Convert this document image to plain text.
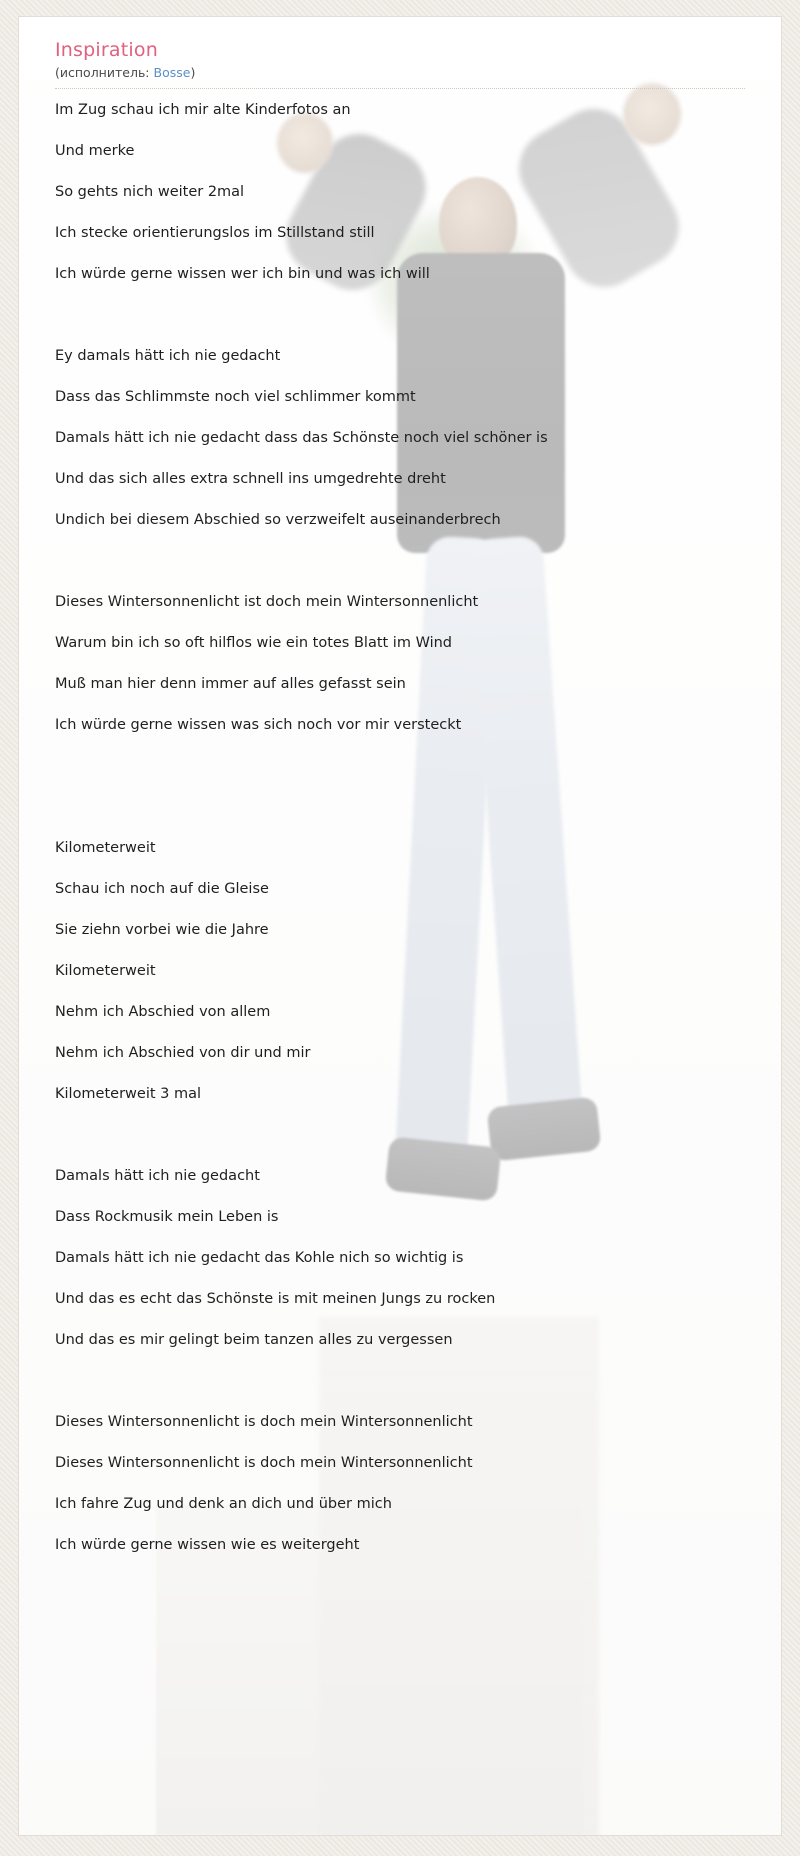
Inspiration
(исполнитель: Bosse)
Im Zug schau ich mir alte Kinderfotos an
Und merke
So gehts nich weiter 2mal
Ich stecke orientierungslos im Stillstand still
Ich würde gerne wissen wer ich bin und was ich will
Ey damals hätt ich nie gedacht
Dass das Schlimmste noch viel schlimmer kommt
Damals hätt ich nie gedacht dass das Schönste noch viel schöner is
Und das sich alles extra schnell ins umgedrehte dreht
Undich bei diesem Abschied so verzweifelt auseinanderbrech
Dieses Wintersonnenlicht ist doch mein Wintersonnenlicht
Warum bin ich so oft hilflos wie ein totes Blatt im Wind
Muß man hier denn immer auf alles gefasst sein
Ich würde gerne wissen was sich noch vor mir versteckt
Kilometerweit
Schau ich noch auf die Gleise
Sie ziehn vorbei wie die Jahre
Kilometerweit
Nehm ich Abschied von allem
Nehm ich Abschied von dir und mir
Kilometerweit 3 mal
Damals hätt ich nie gedacht
Dass Rockmusik mein Leben is
Damals hätt ich nie gedacht das Kohle nich so wichtig is
Und das es echt das Schönste is mit meinen Jungs zu rocken
Und das es mir gelingt beim tanzen alles zu vergessen
Dieses Wintersonnenlicht is doch mein Wintersonnenlicht
Dieses Wintersonnenlicht is doch mein Wintersonnenlicht
Ich fahre Zug und denk an dich und über mich
Ich würde gerne wissen wie es weitergeht
